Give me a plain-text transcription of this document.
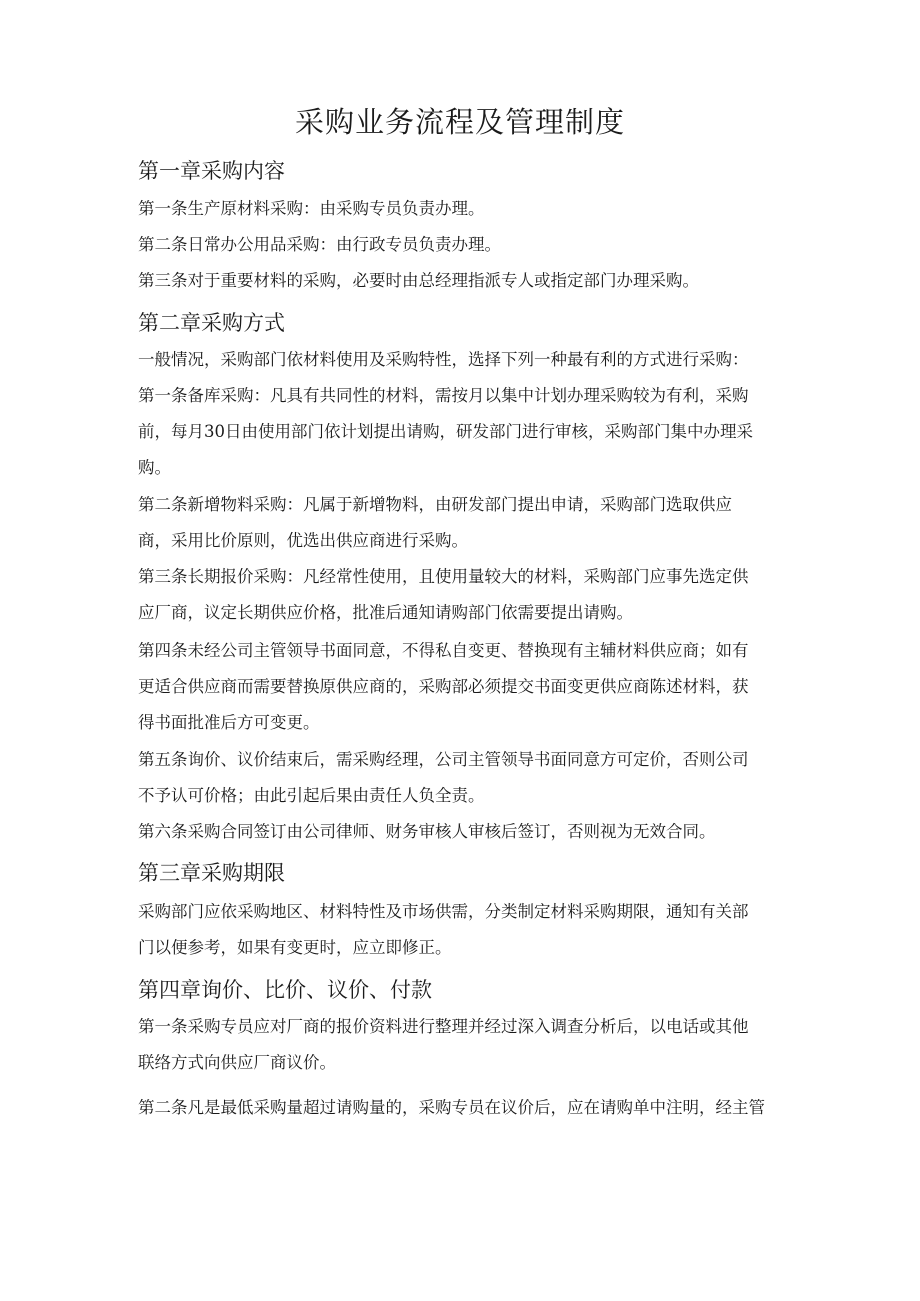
采购业务流程及管理制度
第一章采购内容

第一条生产原材料采购：由采购专员负责办理。

第二条日常办公用品采购：由行政专员负责办理。

第三条对于重要材料的采购，必要时由总经理指派专人或指定部门办理采购。

第二章采购方式

一般情况，采购部门依材料使用及采购特性，选择下列一种最有利的方式进行采购：

第一条备库采购：凡具有共同性的材料，需按月以集中计划办理采购较为有利，采购

前，每月30日由使用部门依计划提出请购，研发部门进行审核，采购部门集中办理采

购。

第二条新增物料采购：凡属于新增物料，由研发部门提出申请，采购部门选取供应

商，采用比价原则，优选出供应商进行采购。

第三条长期报价采购：凡经常性使用，且使用量较大的材料，采购部门应事先选定供

应厂商，议定长期供应价格，批准后通知请购部门依需要提出请购。

第四条未经公司主管领导书面同意，不得私自变更、替换现有主辅材料供应商；如有

更适合供应商而需要替换原供应商的，采购部必须提交书面变更供应商陈述材料，获

得书面批准后方可变更。

第五条询价、议价结束后，需采购经理，公司主管领导书面同意方可定价，否则公司

不予认可价格；由此引起后果由责任人负全责。

第六条采购合同签订由公司律师、财务审核人审核后签订，否则视为无效合同。

第三章采购期限

采购部门应依采购地区、材料特性及市场供需，分类制定材料采购期限，通知有关部

门以便参考，如果有变更时，应立即修正。

第四章询价、比价、议价、付款

第一条采购专员应对厂商的报价资料进行整理并经过深入调查分析后，以电话或其他

联络方式向供应厂商议价。

第二条凡是最低采购量超过请购量的，采购专员在议价后，应在请购单中注明，经主管
